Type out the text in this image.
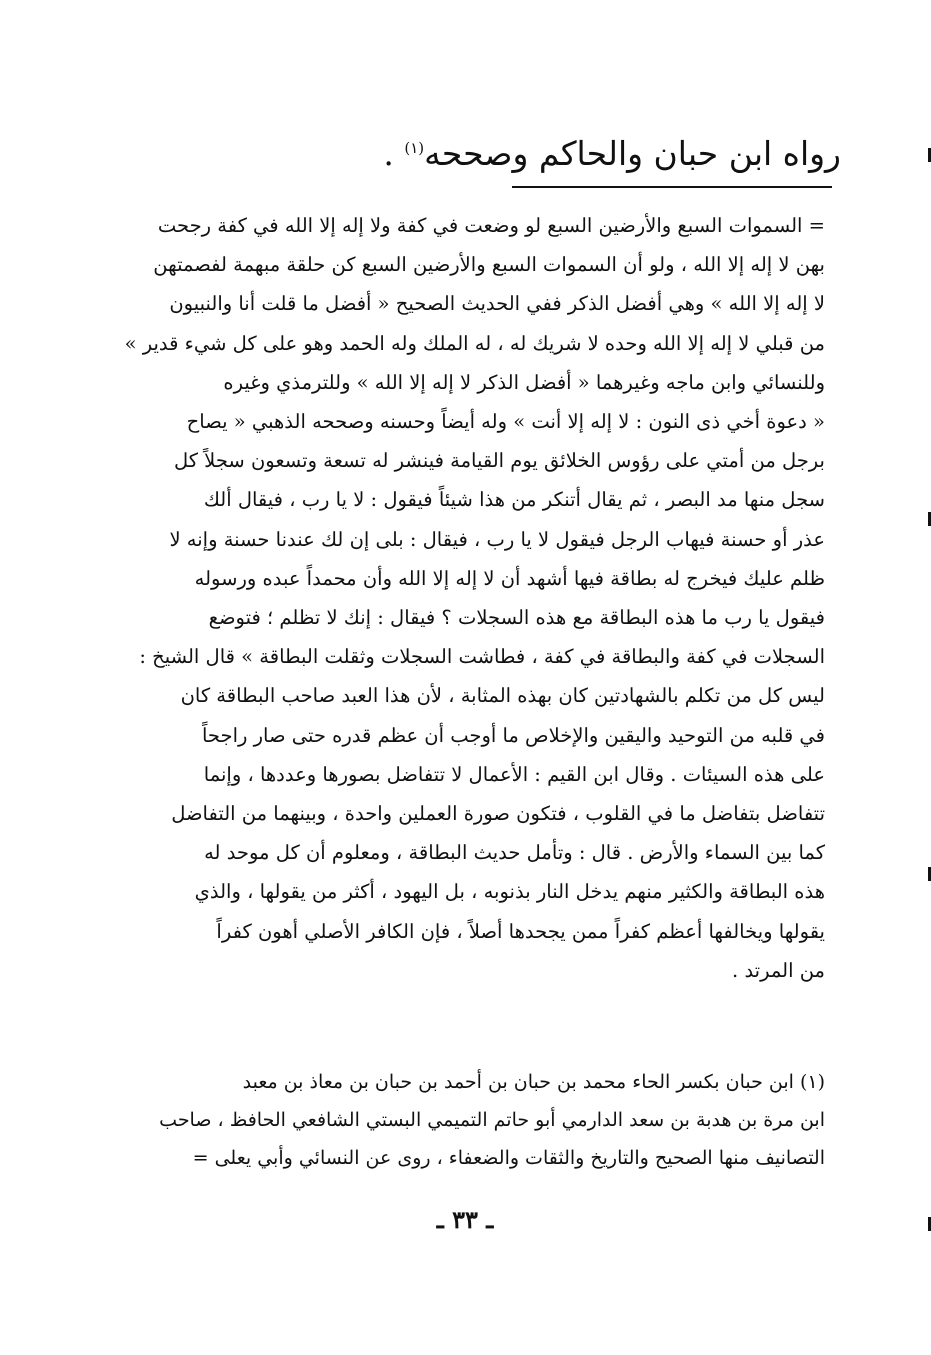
رواه ابن حبان والحاكم وصححه$^{(١)}$ .

= السموات السبع والأرضين السبع لو وضعت في كفة ولا إله إلا الله في كفة رجحت

بهن لا إله إلا الله ، ولو أن السموات السبع والأرضين السبع كن حلقة مبهمة لفصمتهن

لا إله إلا الله » وهي أفضل الذكر ففي الحديث الصحيح « أفضل ما قلت أنا والنبيون

من قبلي لا إله إلا الله وحده لا شريك له ، له الملك وله الحمد وهو على كل شيء قدير »

وللنسائي وابن ماجه وغيرهما « أفضل الذكر لا إله إلا الله » وللترمذي وغيره

« دعوة أخي ذى النون : لا إله إلا أنت » وله أيضاً وحسنه وصححه الذهبي « يصاح

برجل من أمتي على رؤوس الخلائق يوم القيامة فينشر له تسعة وتسعون سجلاً كل

سجل منها مد البصر ، ثم يقال أتنكر من هذا شيئاً فيقول : لا يا رب ، فيقال ألك

عذر أو حسنة فيهاب الرجل فيقول لا يا رب ، فيقال : بلى إن لك عندنا حسنة وإنه لا

ظلم عليك فيخرج له بطاقة فيها أشهد أن لا إله إلا الله وأن محمداً عبده ورسوله

فيقول يا رب ما هذه البطاقة مع هذه السجلات ؟ فيقال : إنك لا تظلم ؛ فتوضع

السجلات في كفة والبطاقة في كفة ، فطاشت السجلات وثقلت البطاقة » قال الشيخ :

ليس كل من تكلم بالشهادتين كان بهذه المثابة ، لأن هذا العبد صاحب البطاقة كان

في قلبه من التوحيد واليقين والإخلاص ما أوجب أن عظم قدره حتى صار راجحاً

على هذه السيئات . وقال ابن القيم : الأعمال لا تتفاضل بصورها وعددها ، وإنما

تتفاضل بتفاضل ما في القلوب ، فتكون صورة العملين واحدة ، وبينهما من التفاضل

كما بين السماء والأرض . قال : وتأمل حديث البطاقة ، ومعلوم أن كل موحد له

هذه البطاقة والكثير منهم يدخل النار بذنوبه ، بل اليهود ، أكثر من يقولها ، والذي

يقولها ويخالفها أعظم كفراً ممن يجحدها أصلاً ، فإن الكافر الأصلي أهون كفراً

من المرتد .

(١) ابن حبان بكسر الحاء محمد بن حبان بن أحمد بن حبان بن معاذ بن معبد

ابن مرة بن هدبة بن سعد الدارمي أبو حاتم التميمي البستي الشافعي الحافظ ، صاحب

التصانيف منها الصحيح والتاريخ والثقات والضعفاء ، روى عن النسائي وأبي يعلى =

ـ ٣٣ ـ
